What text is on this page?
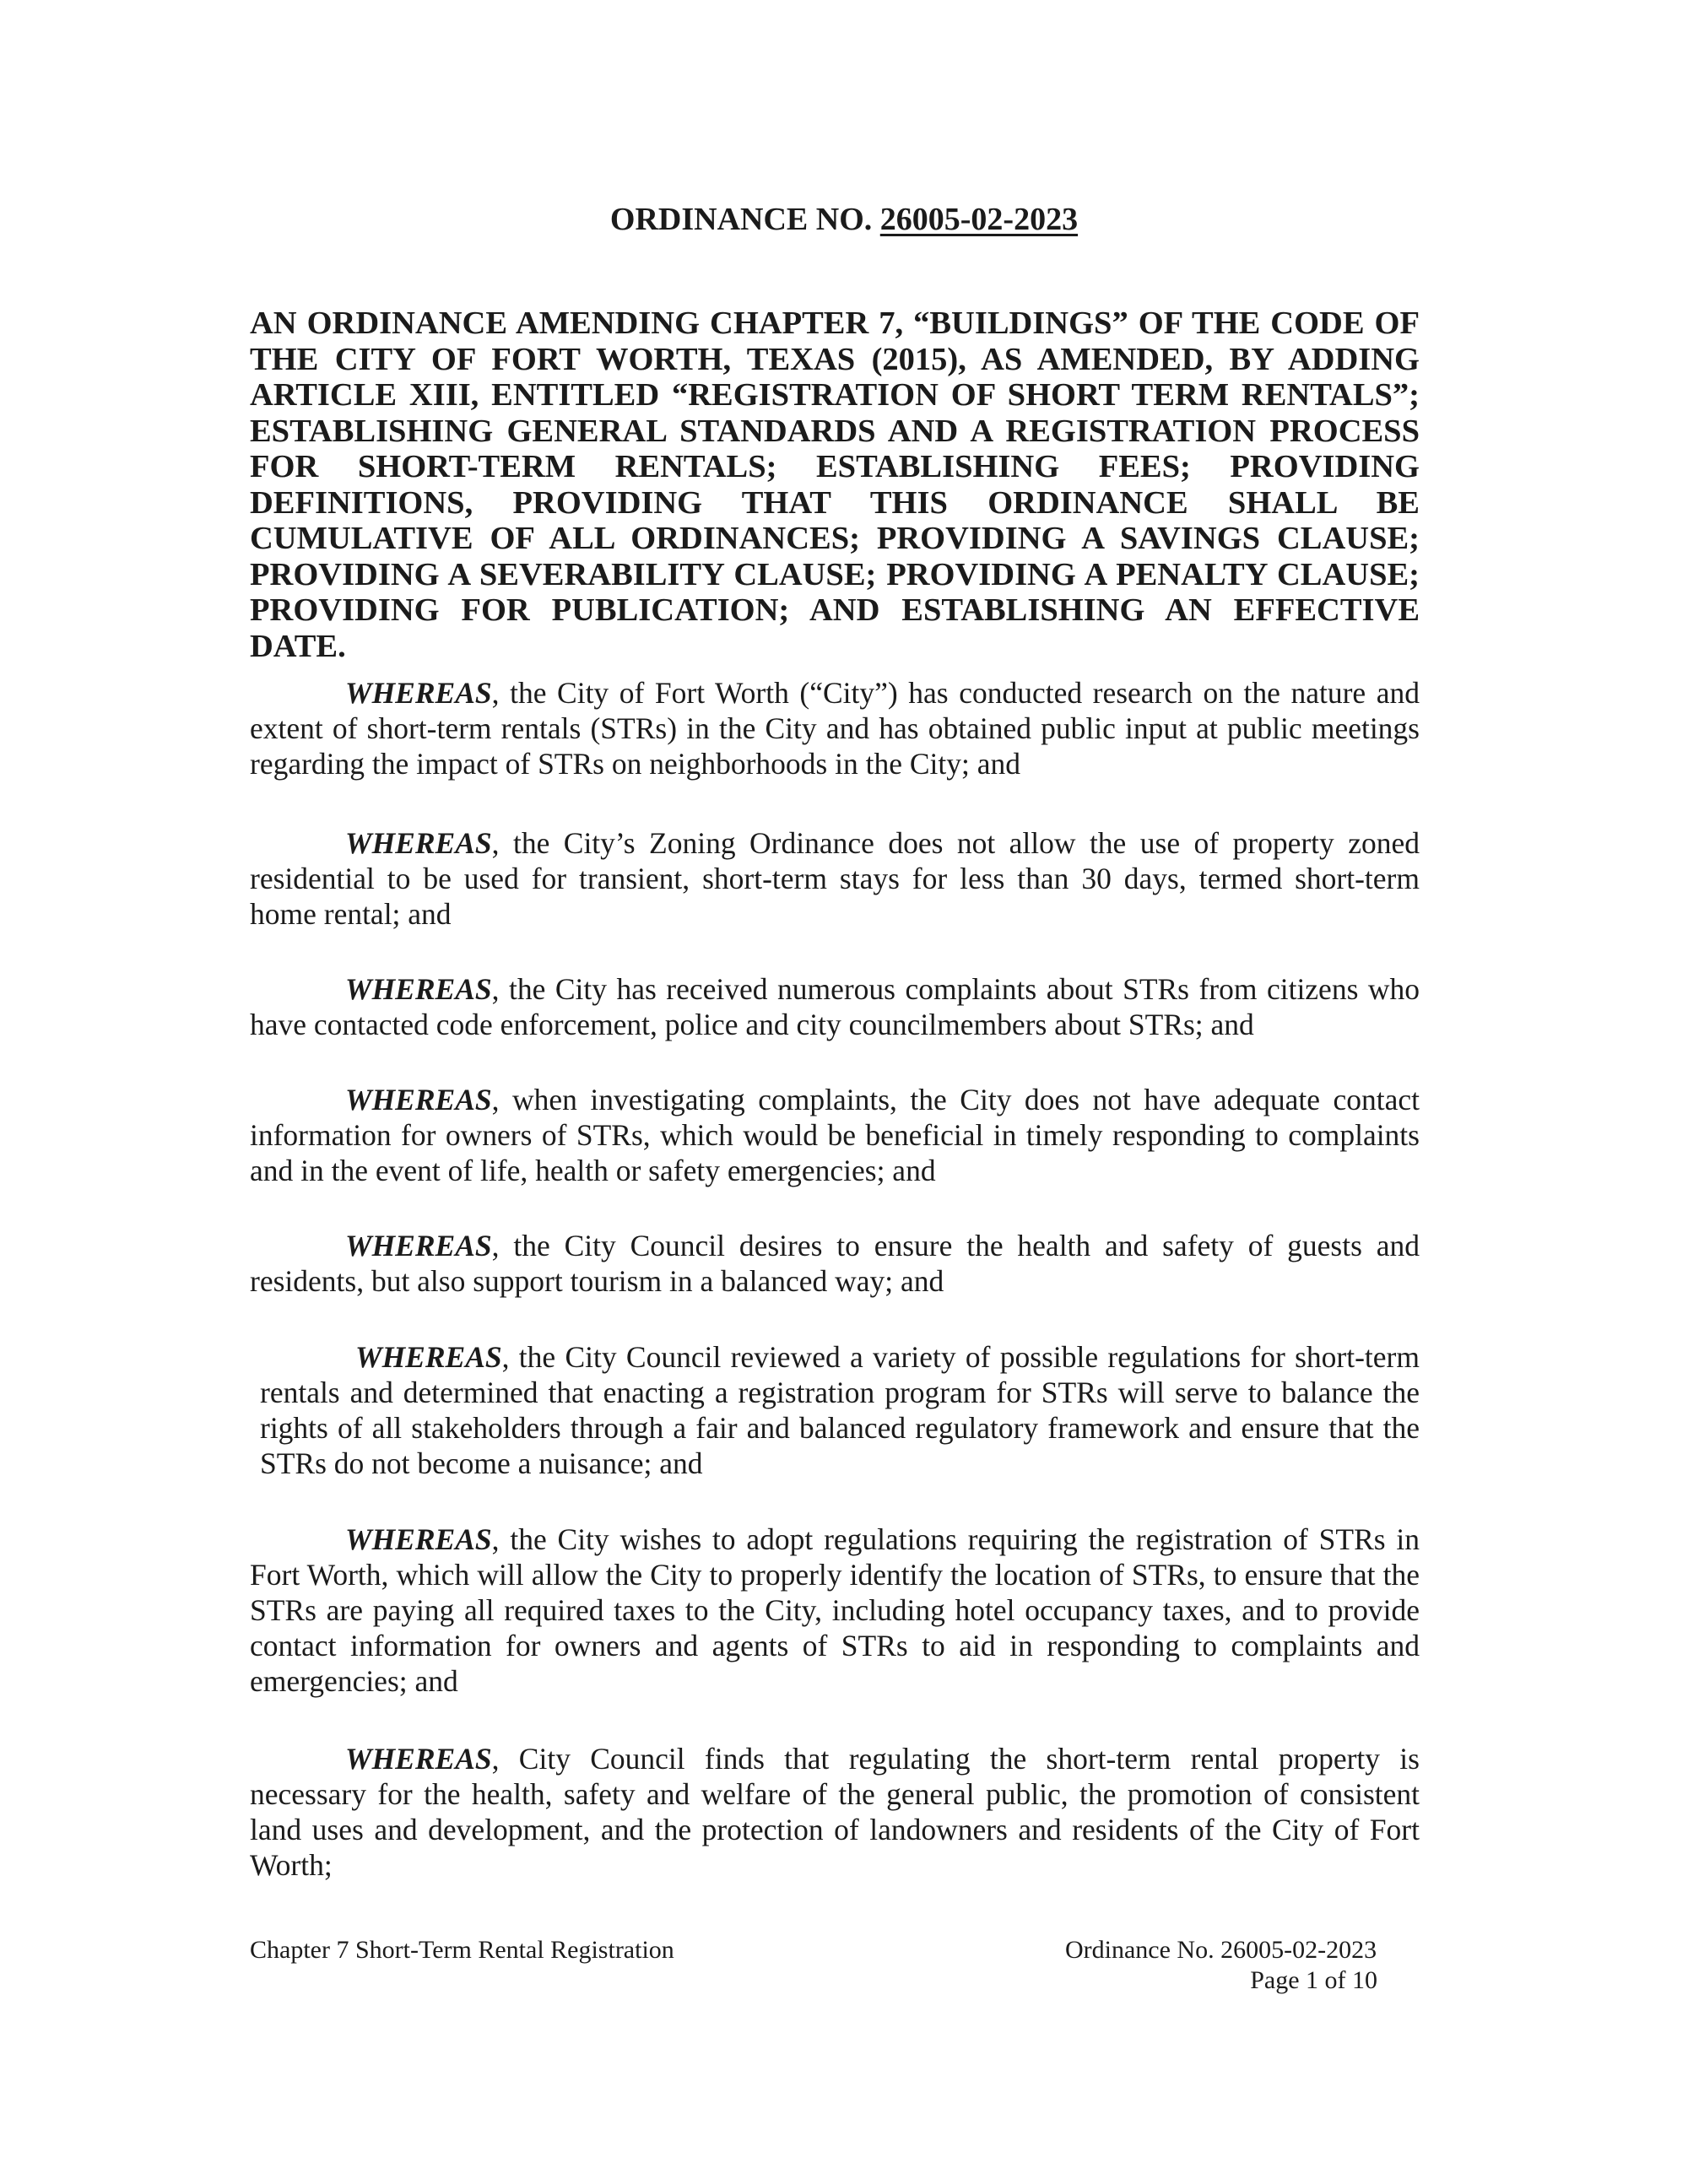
ORDINANCE NO. 26005-02-2023
AN ORDINANCE AMENDING CHAPTER 7, “BUILDINGS” OF THE CODE OF THE CITY OF FORT WORTH, TEXAS (2015), AS AMENDED, BY ADDING ARTICLE XIII, ENTITLED “REGISTRATION OF SHORT TERM RENTALS”; ESTABLISHING GENERAL STANDARDS AND A REGISTRATION PROCESS FOR SHORT-TERM RENTALS; ESTABLISHING FEES; PROVIDING DEFINITIONS, PROVIDING THAT THIS ORDINANCE SHALL BE CUMULATIVE OF ALL ORDINANCES; PROVIDING A SAVINGS CLAUSE; PROVIDING A SEVERABILITY CLAUSE; PROVIDING A PENALTY CLAUSE; PROVIDING FOR PUBLICATION; AND ESTABLISHING AN EFFECTIVE DATE.
WHEREAS, the City of Fort Worth (“City”) has conducted research on the nature and extent of short-term rentals (STRs) in the City and has obtained public input at public meetings regarding the impact of STRs on neighborhoods in the City; and
WHEREAS, the City’s Zoning Ordinance does not allow the use of property zoned residential to be used for transient, short-term stays for less than 30 days, termed short-term home rental; and
WHEREAS, the City has received numerous complaints about STRs from citizens who have contacted code enforcement, police and city councilmembers about STRs; and
WHEREAS, when investigating complaints, the City does not have adequate contact information for owners of STRs, which would be beneficial in timely responding to complaints and in the event of life, health or safety emergencies; and
WHEREAS, the City Council desires to ensure the health and safety of guests and residents, but also support tourism in a balanced way; and
WHEREAS, the City Council reviewed a variety of possible regulations for short-term rentals and determined that enacting a registration program for STRs will serve to balance the rights of all stakeholders through a fair and balanced regulatory framework and ensure that the STRs do not become a nuisance; and
WHEREAS, the City wishes to adopt regulations requiring the registration of STRs in Fort Worth, which will allow the City to properly identify the location of STRs, to ensure that the STRs are paying all required taxes to the City, including hotel occupancy taxes, and to provide contact information for owners and agents of STRs to aid in responding to complaints and emergencies; and
WHEREAS, City Council finds that regulating the short-term rental property is necessary for the health, safety and welfare of the general public, the promotion of consistent land uses and development, and the protection of landowners and residents of the City of Fort Worth;
Chapter 7 Short-Term Rental Registration	Ordinance No. 26005-02-2023
Page 1 of 10
